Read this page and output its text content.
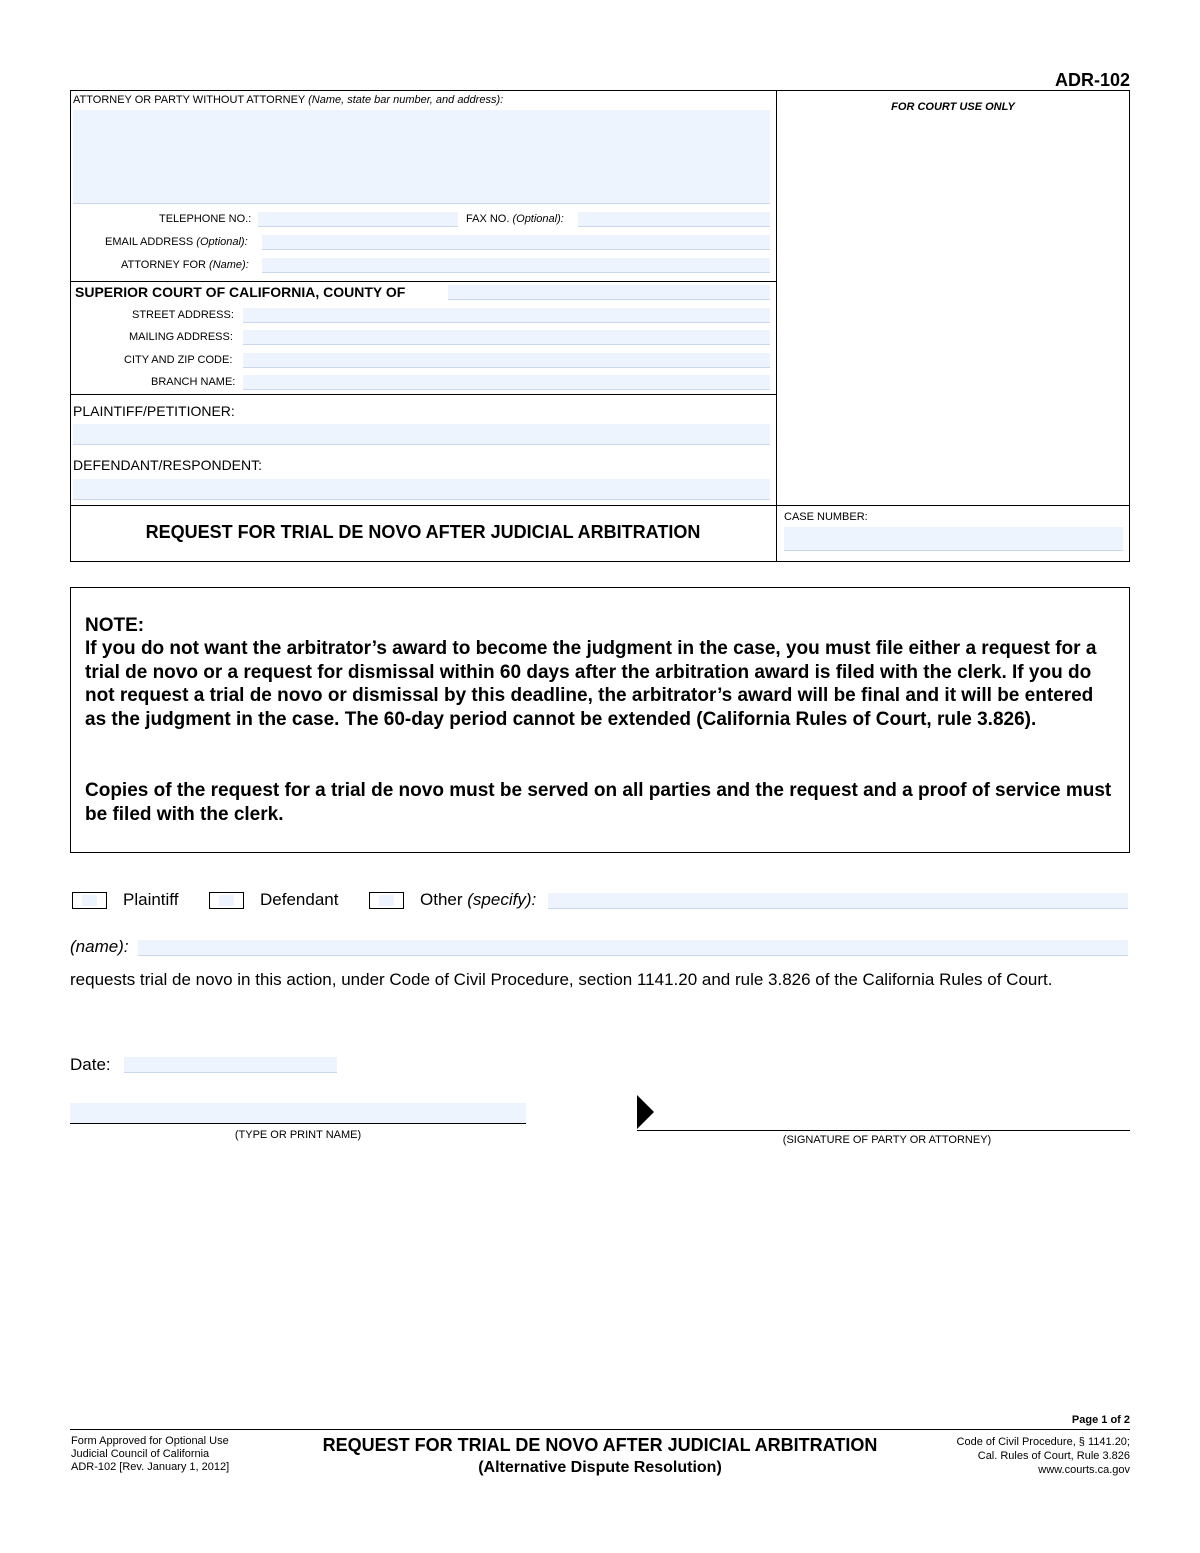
ADR-102
ATTORNEY OR PARTY WITHOUT ATTORNEY (Name, state bar number, and address):
TELEPHONE NO.:	FAX NO. (Optional):
EMAIL ADDRESS (Optional):
ATTORNEY FOR (Name):
FOR COURT USE ONLY
SUPERIOR COURT OF CALIFORNIA, COUNTY OF
STREET ADDRESS:
MAILING ADDRESS:
CITY AND ZIP CODE:
BRANCH NAME:
PLAINTIFF/PETITIONER:
DEFENDANT/RESPONDENT:
REQUEST FOR TRIAL DE NOVO AFTER JUDICIAL ARBITRATION
CASE NUMBER:
NOTE:
If you do not want the arbitrator’s award to become the judgment in the case, you must file either a request for a trial de novo or a request for dismissal within 60 days after the arbitration award is filed with the clerk. If you do not request a trial de novo or dismissal by this deadline, the arbitrator’s award will be final and it will be entered as the judgment in the case. The 60-day period cannot be extended (California Rules of Court, rule 3.826).
Copies of the request for a trial de novo must be served on all parties and the request and a proof of service must be filed with the clerk.
Plaintiff	Defendant	Other (specify):
(name):
requests trial de novo in this action, under Code of Civil Procedure, section 1141.20 and rule 3.826 of the California Rules of Court.
Date:
(TYPE OR PRINT NAME)	(SIGNATURE OF PARTY OR ATTORNEY)
Page 1 of 2
Form Approved for Optional Use
Judicial Council of California
ADR-102 [Rev. January 1, 2012]
REQUEST FOR TRIAL DE NOVO AFTER JUDICIAL ARBITRATION
(Alternative Dispute Resolution)
Code of Civil Procedure, § 1141.20;
Cal. Rules of Court, Rule 3.826
www.courts.ca.gov
